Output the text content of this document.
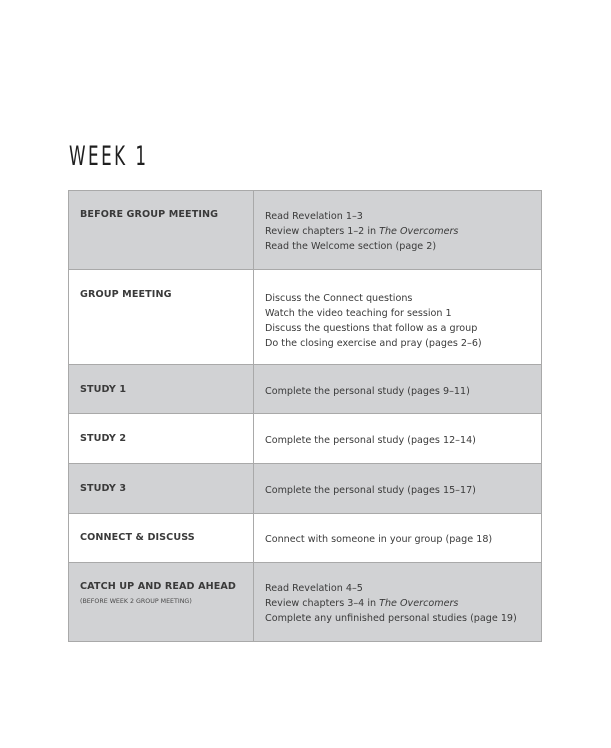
WEEK 1
BEFORE GROUP MEETING	Read Revelation 1–3
Review chapters 1–2 in The Overcomers
Read the Welcome section (page 2)

GROUP MEETING	Discuss the Connect questions
Watch the video teaching for session 1
Discuss the questions that follow as a group
Do the closing exercise and pray (pages 2–6)

STUDY 1	Complete the personal study (pages 9–11)

STUDY 2	Complete the personal study (pages 12–14)

STUDY 3	Complete the personal study (pages 15–17)

CONNECT & DISCUSS	Connect with someone in your group (page 18)

CATCH UP AND READ AHEAD
(BEFORE WEEK 2 GROUP MEETING)	Read Revelation 4–5
Review chapters 3–4 in The Overcomers
Complete any unfinished personal studies (page 19)
